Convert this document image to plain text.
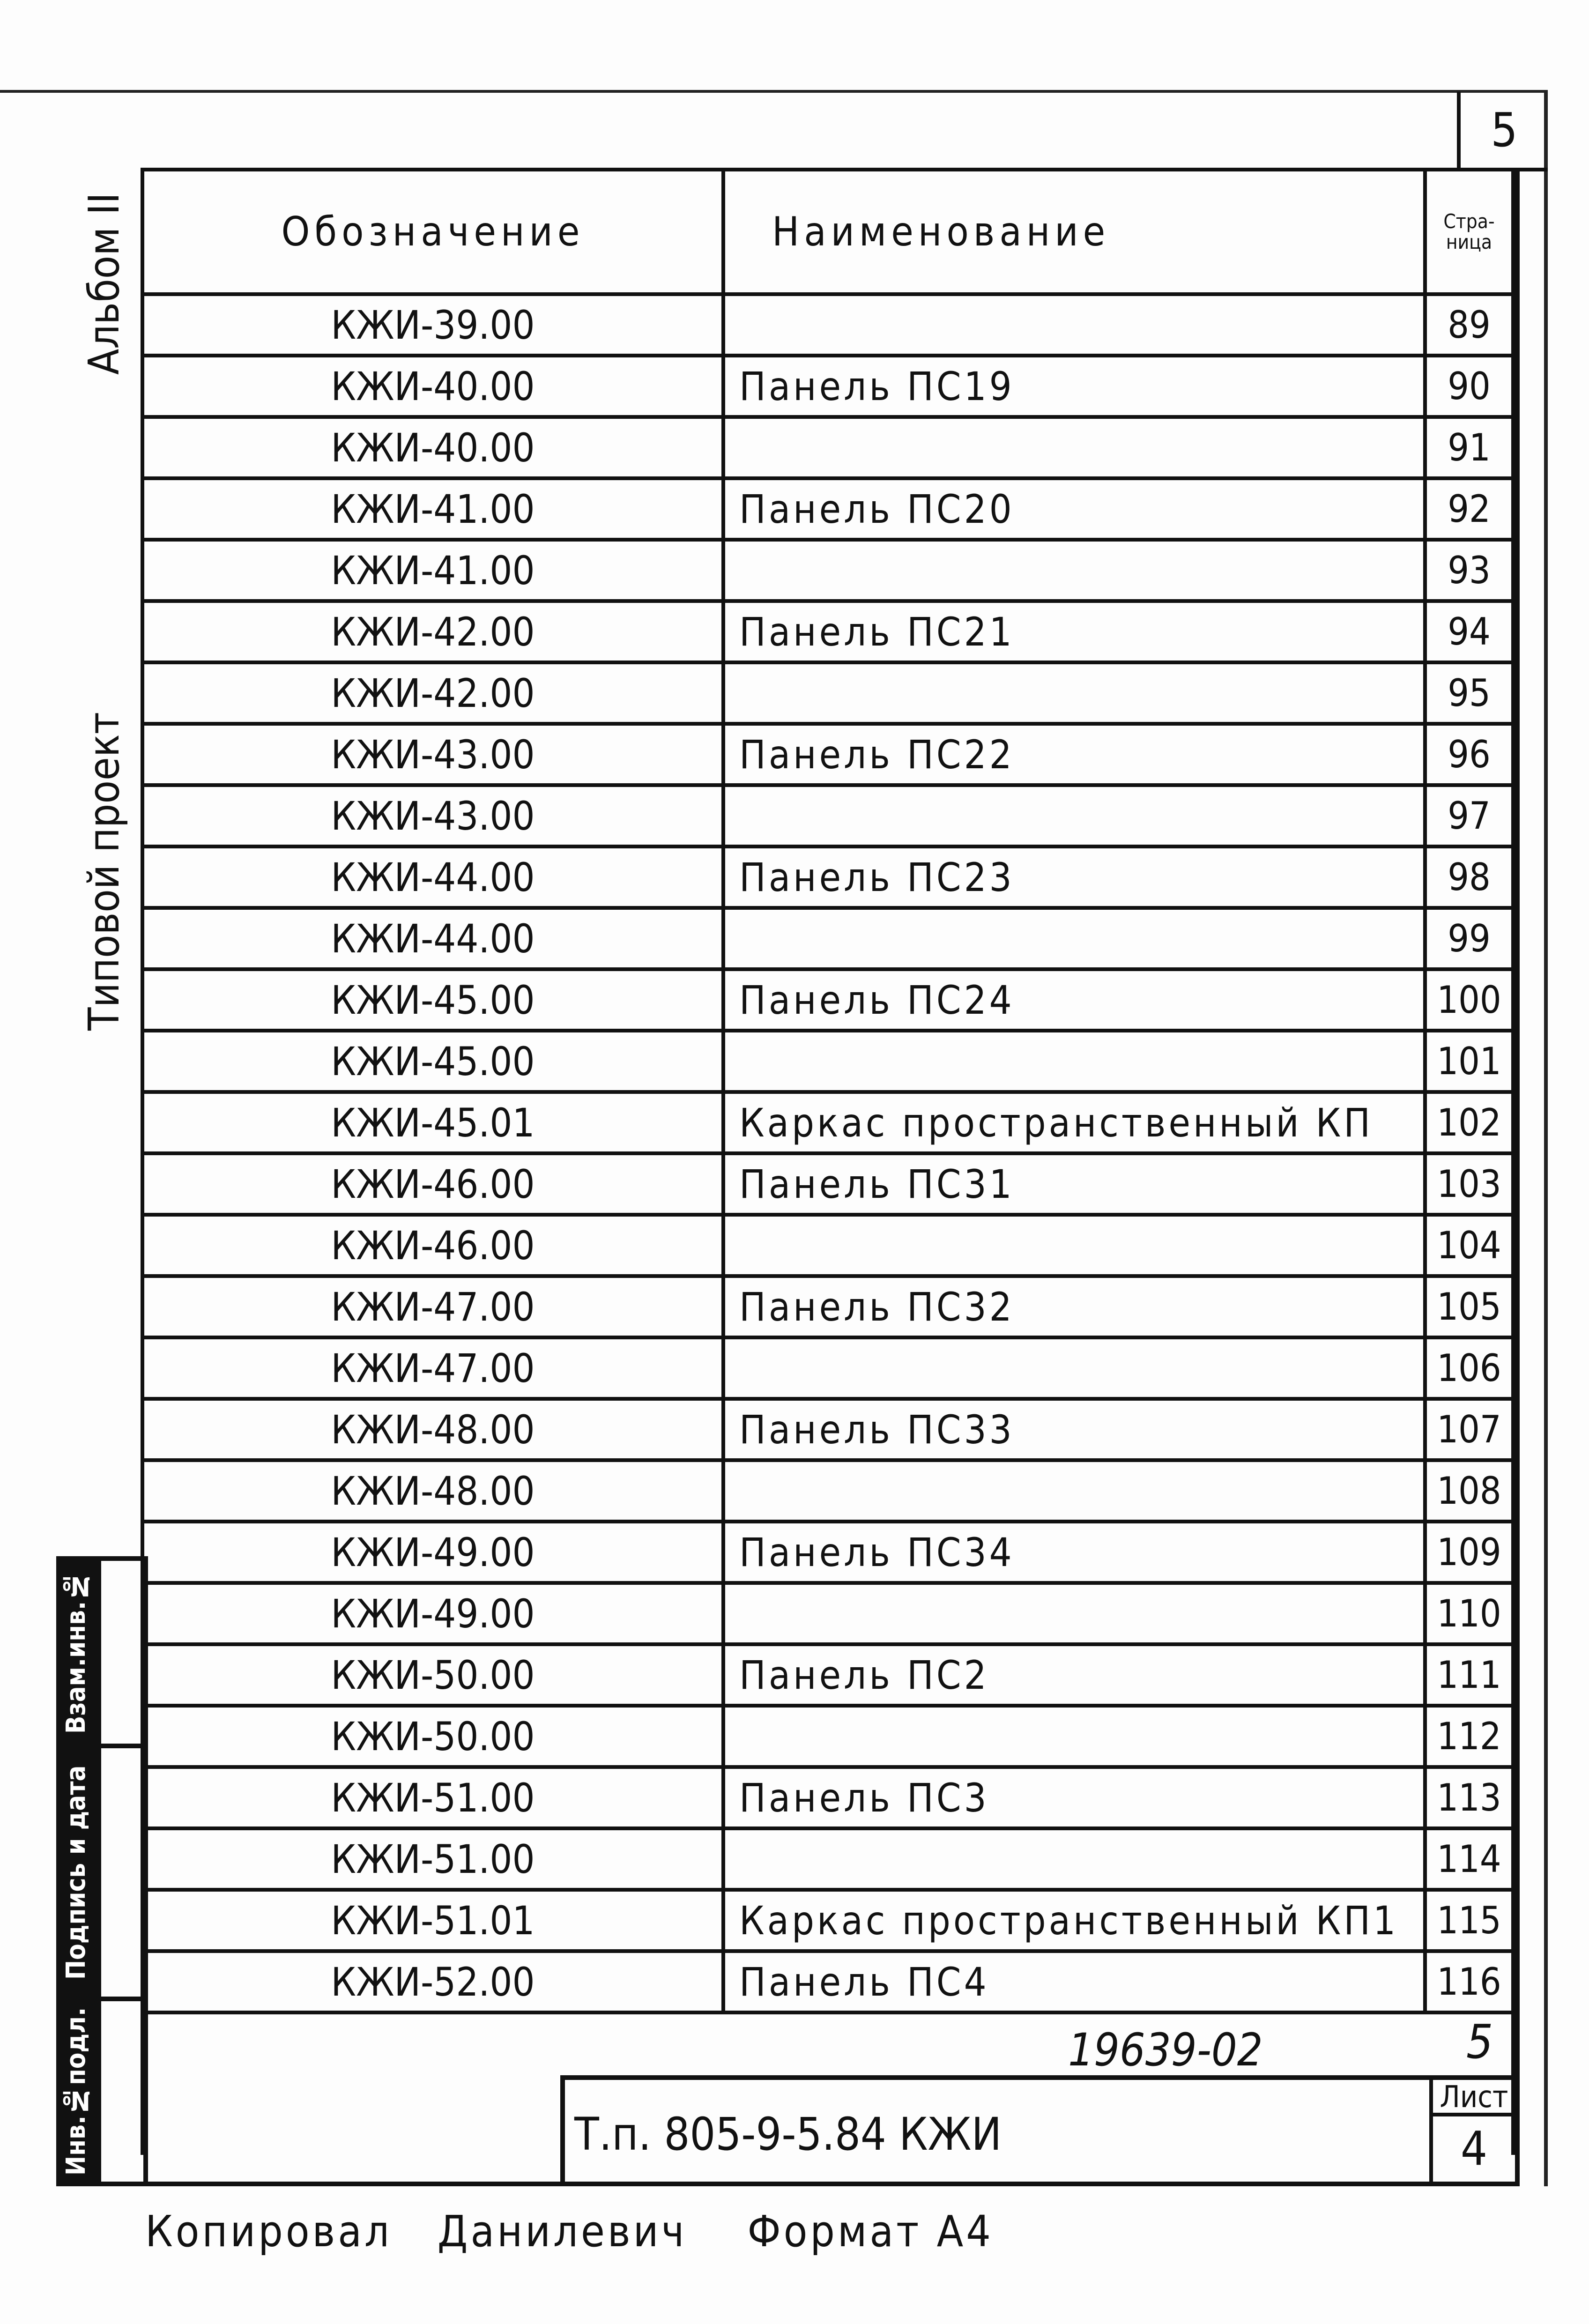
5
Альбом II
Типовой проект
Обозначение	Наименование	Стра-ница
КЖИ-39.00		89
КЖИ-40.00	Панель ПС19	90
КЖИ-40.00		91
КЖИ-41.00	Панель ПС20	92
КЖИ-41.00		93
КЖИ-42.00	Панель ПС21	94
КЖИ-42.00		95
КЖИ-43.00	Панель ПС22	96
КЖИ-43.00		97
КЖИ-44.00	Панель ПС23	98
КЖИ-44.00		99
КЖИ-45.00	Панель ПС24	100
КЖИ-45.00		101
КЖИ-45.01	Каркас пространственный КП	102
КЖИ-46.00	Панель ПС31	103
КЖИ-46.00		104
КЖИ-47.00	Панель ПС32	105
КЖИ-47.00		106
КЖИ-48.00	Панель ПС33	107
КЖИ-48.00		108
КЖИ-49.00	Панель ПС34	109
КЖИ-49.00		110
КЖИ-50.00	Панель ПС2	111
КЖИ-50.00		112
КЖИ-51.00	Панель ПС3	113
КЖИ-51.00		114
КЖИ-51.01	Каркас пространственный КП1	115
КЖИ-52.00	Панель ПС4	116

Взам.инв.№
Подпись и дата
Инв.№подл.	19639-02	5
Т.п. 805-9-5.84 КЖИ
Лист
4
Копировал Данилевич Формат А4
